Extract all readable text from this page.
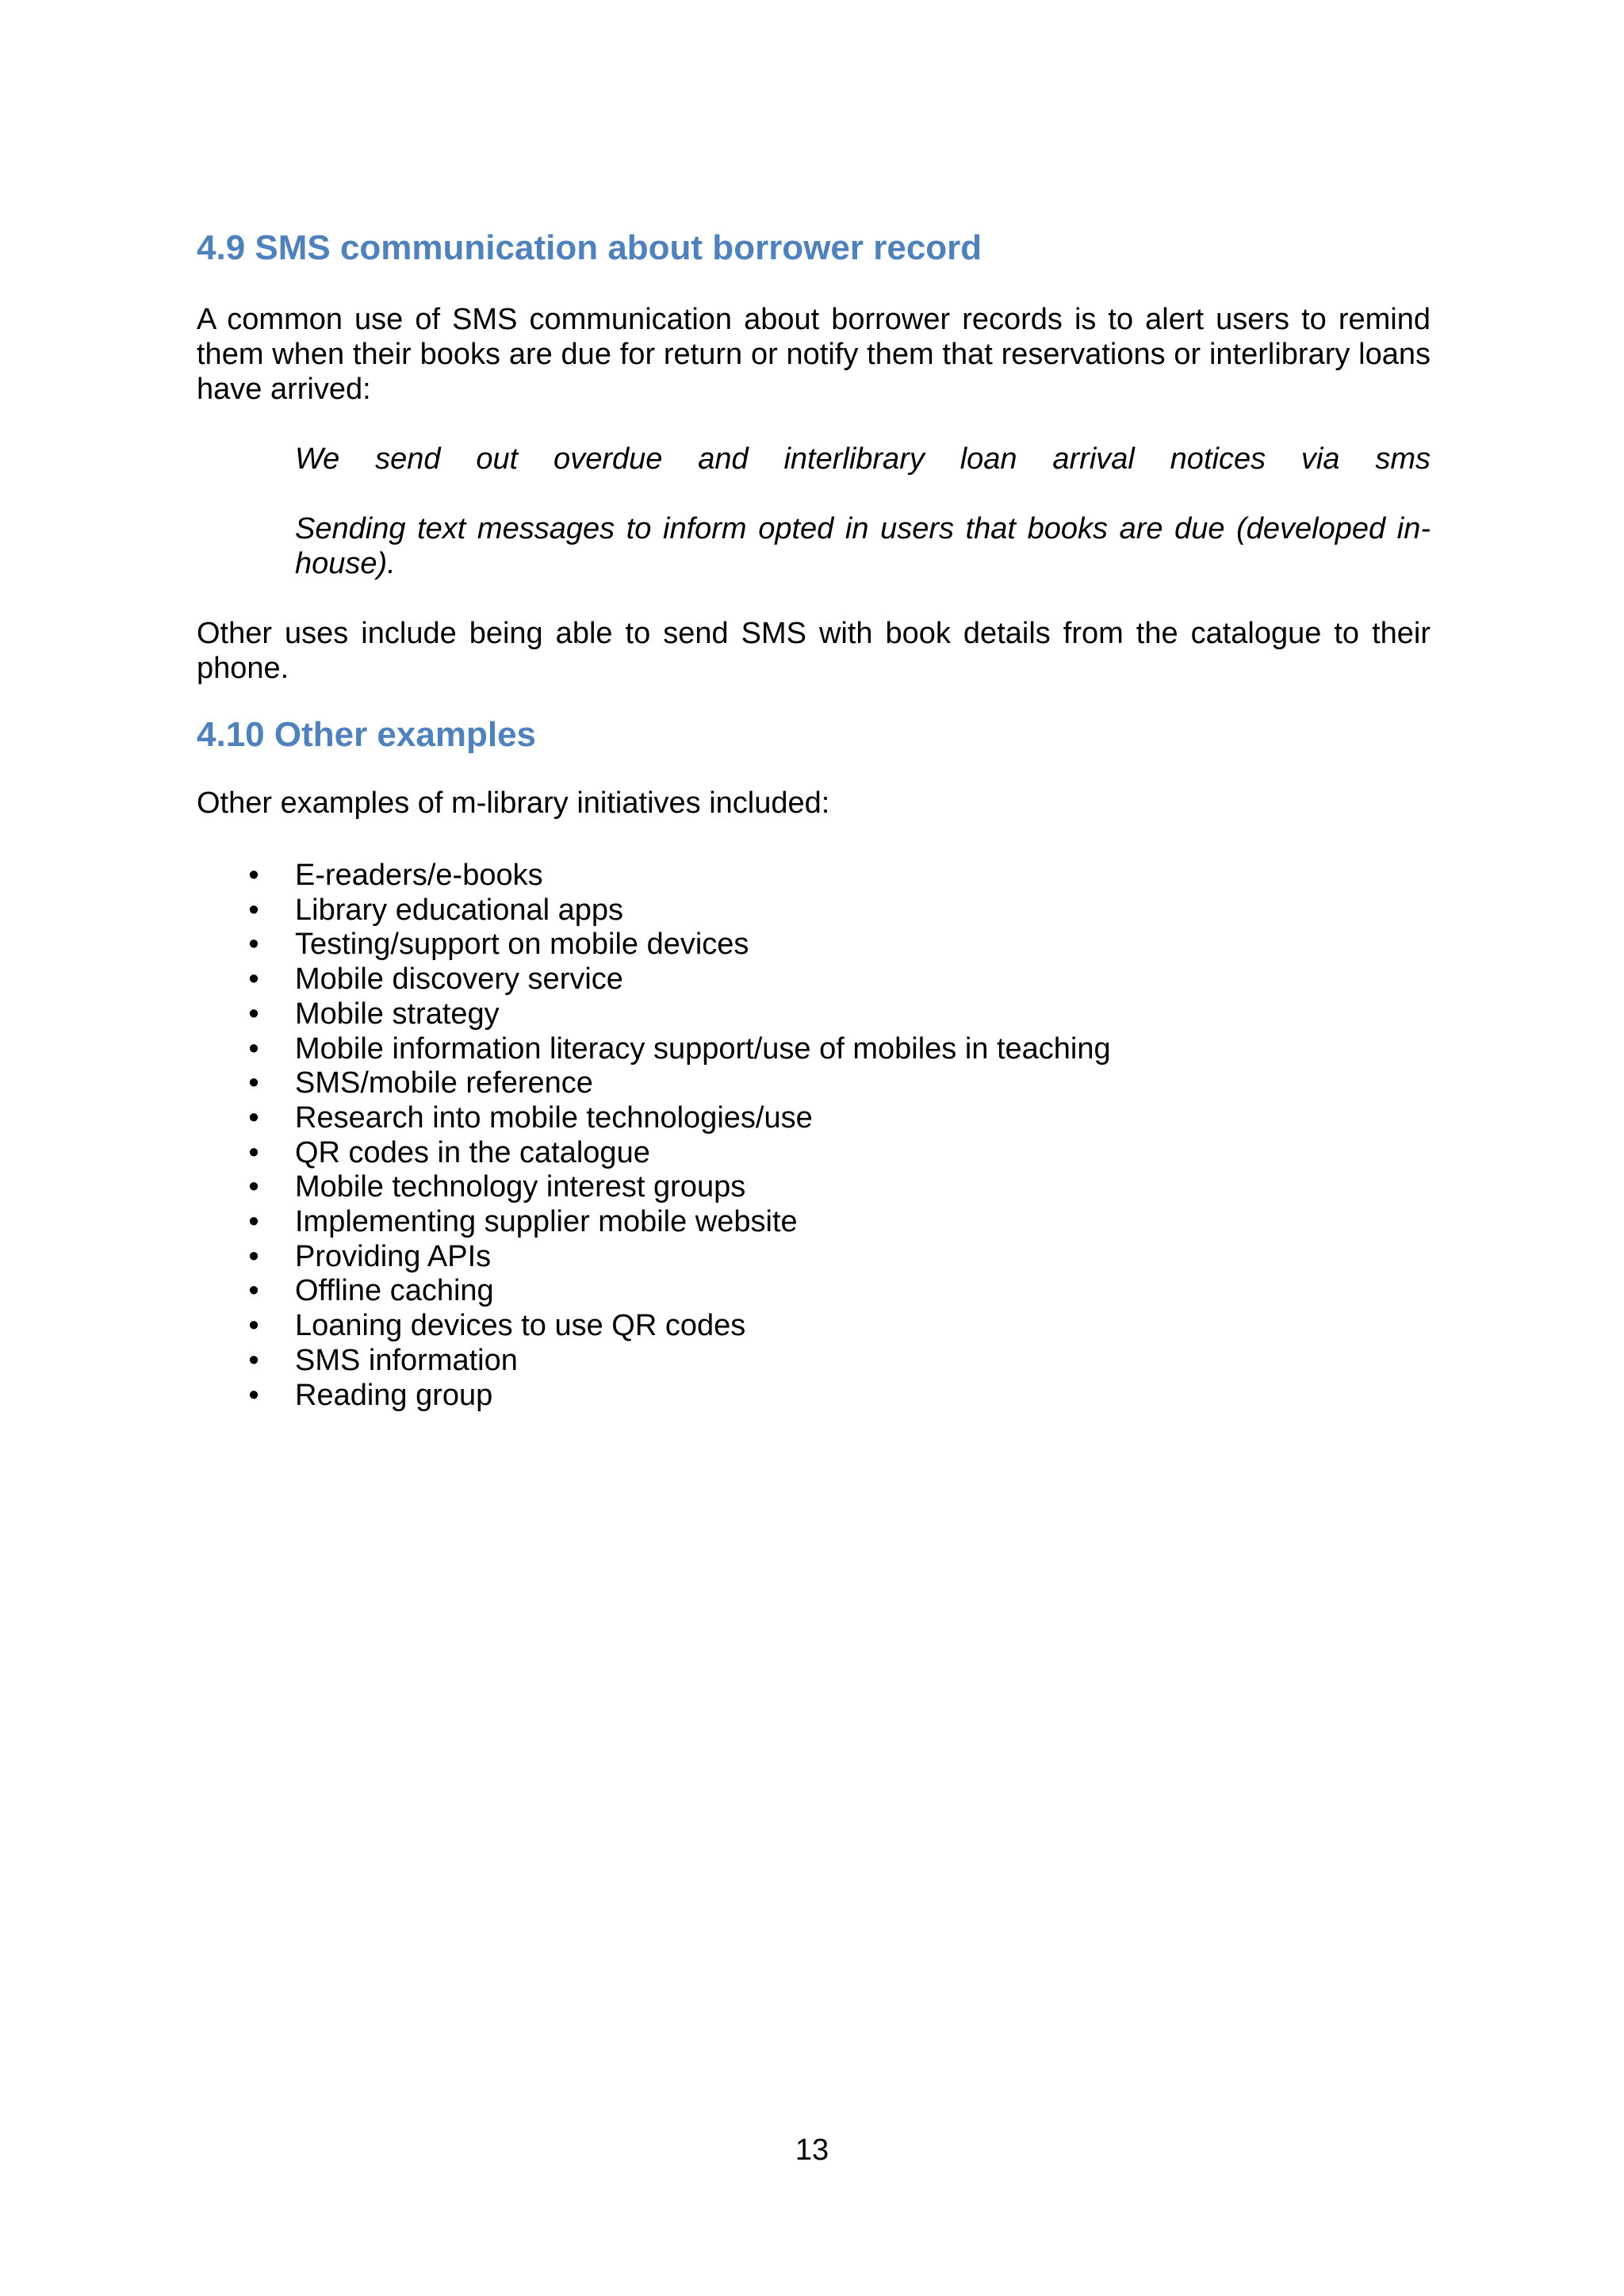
4.9 SMS communication about borrower record

A common use of SMS communication about borrower records is to alert users to remind them when their books are due for return or notify them that reservations or interlibrary loans have arrived:

We send out overdue and interlibrary loan arrival notices via sms

Sending text messages to inform opted in users that books are due (developed in-house).

Other uses include being able to send SMS with book details from the catalogue to their phone.

4.10 Other examples

Other examples of m-library initiatives included:

• E-readers/e-books
• Library educational apps
• Testing/support on mobile devices
• Mobile discovery service
• Mobile strategy
• Mobile information literacy support/use of mobiles in teaching
• SMS/mobile reference
• Research into mobile technologies/use
• QR codes in the catalogue
• Mobile technology interest groups
• Implementing supplier mobile website
• Providing APIs
• Offline caching
• Loaning devices to use QR codes
• SMS information
• Reading group
13
